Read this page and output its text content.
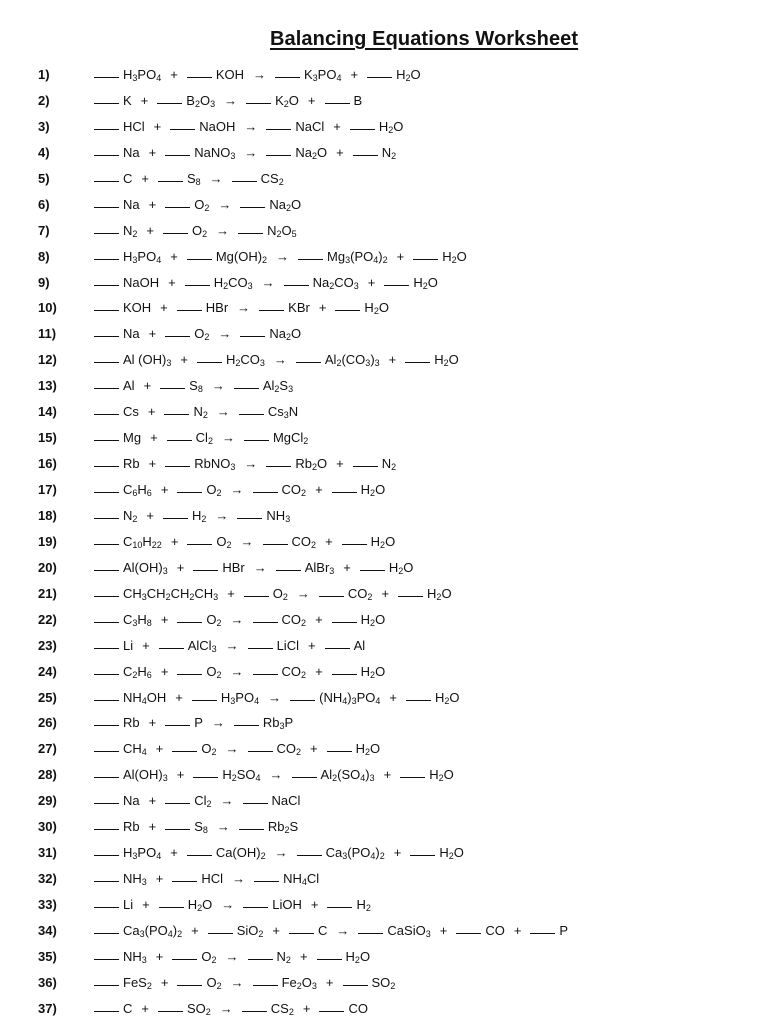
Balancing Equations Worksheet
1)	$H_3PO_4$ +	KOH →	$K_3PO_4$ +	$H_2O$
2)	K +	$B_2O_3$ →	$K_2O$ +	B
3)	HCl +	NaOH →	NaCl +	$H_2O$
4)	Na +	NaNO$_3$ →	$Na_2O$ +	$N_2$
5)	C +	$S_8$ →	$CS_2$
6)	Na +	$O_2$ →	$Na_2O$
7)	$N_2$ +	$O_2$ →	$N_2O_5$
8)	$H_3PO_4$ +	$Mg(OH)_2$ →	$Mg_3(PO_4)_2$ +	$H_2O$
9)	NaOH +	$H_2CO_3$ →	$Na_2CO_3$ +	$H_2O$
10)	KOH +	HBr →	KBr +	$H_2O$
11)	Na +	$O_2$ →	$Na_2O$
12)	Al $(OH)_3$ +	$H_2CO_3$ →	$Al_2(CO_3)_3$ +	$H_2O$
13)	Al +	$S_8$ →	$Al_2S_3$
14)	Cs +	$N_2$ →	$Cs_3N$
15)	Mg +	$Cl_2$ →	MgCl$_2$
16)	Rb +	RbNO$_3$ →	$Rb_2O$ +	$N_2$
17)	$C_6H_6$ +	$O_2$ →	$CO_2$ +	$H_2O$
18)	$N_2$ +	$H_2$ →	$NH_3$
19)	$C_{10}H_{22}$ +	$O_2$ →	$CO_2$ +	$H_2O$
20)	$Al(OH)_3$ +	HBr →	AlBr$_3$ +	$H_2O$
21)	$CH_3CH_2CH_2CH_3$ +	$O_2$ →	$CO_2$ +	$H_2O$
22)	$C_3H_8$ +	$O_2$ →	$CO_2$ +	$H_2O$
23)	Li +	AlCl$_3$ →	LiCl +	Al
24)	$C_2H_6$ +	$O_2$ →	$CO_2$ +	$H_2O$
25)	$NH_4OH$ +	$H_3PO_4$ →	$(NH_4)_3PO_4$ +	$H_2O$
26)	Rb +	P →	$Rb_3P$
27)	$CH_4$ +	$O_2$ →	$CO_2$ +	$H_2O$
28)	$Al(OH)_3$ +	$H_2SO_4$ →	$Al_2(SO_4)_3$ +	$H_2O$
29)	Na +	$Cl_2$ →	NaCl
30)	Rb +	$S_8$ →	$Rb_2S$
31)	$H_3PO_4$ +	$Ca(OH)_2$ →	$Ca_3(PO_4)_2$ +	$H_2O$
32)	$NH_3$ +	HCl →	$NH_4Cl$
33)	Li +	$H_2O$ →	LiOH +	$H_2$
34)	$Ca_3(PO_4)_2$ +	SiO$_2$ +	C →	CaSiO$_3$ +	CO +	P
35)	$NH_3$ +	$O_2$ →	$N_2$ +	$H_2O$
36)	FeS$_2$ +	$O_2$ →	$Fe_2O_3$ +	$SO_2$
37)	C +	$SO_2$ →	$CS_2$ +	CO
